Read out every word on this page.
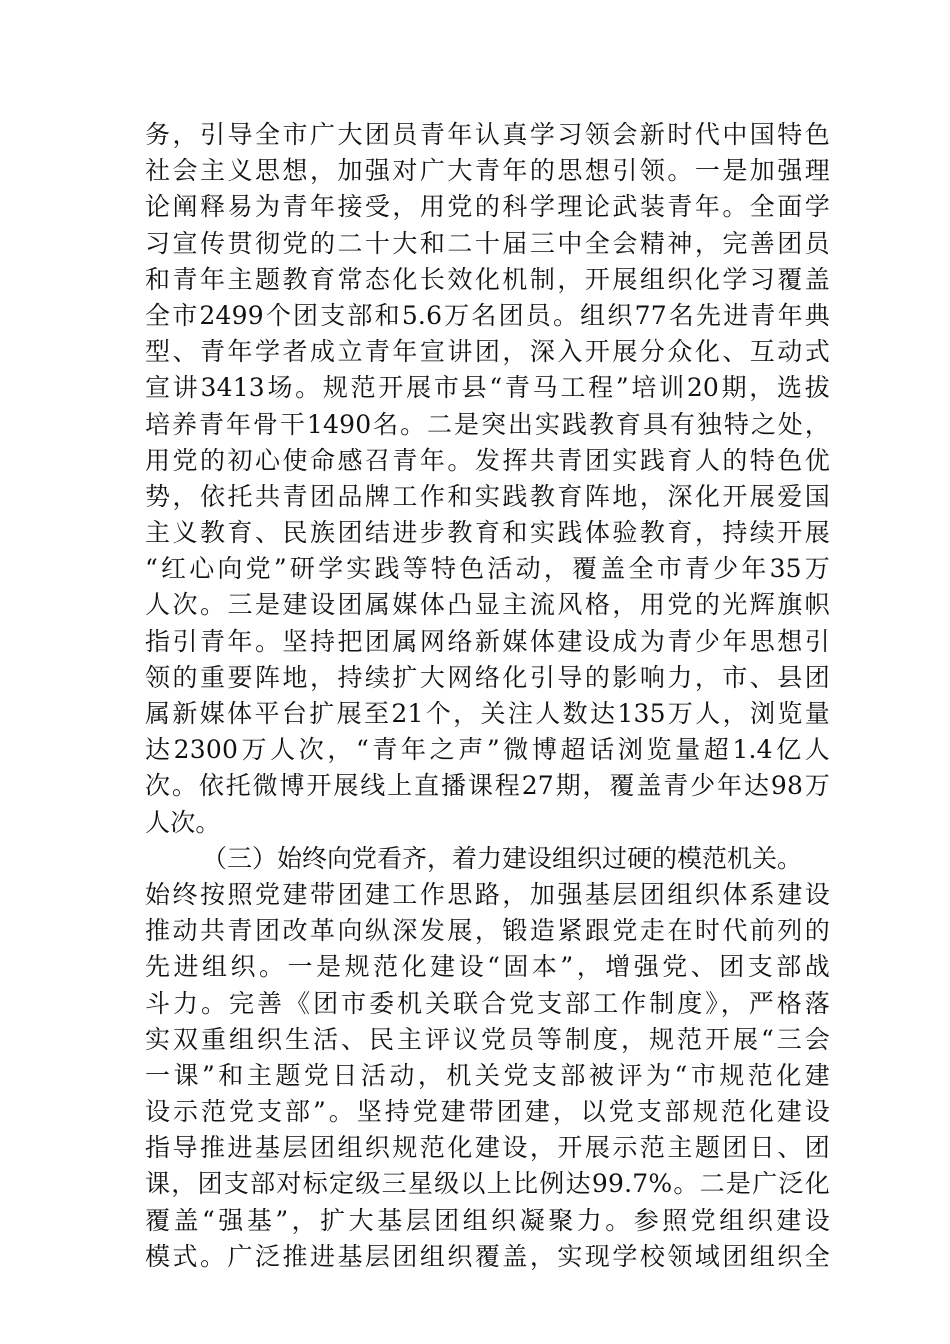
务，引导全市广大团员青年认真学习领会新时代中国特色
社会主义思想，加强对广大青年的思想引领。一是加强理
论阐释易为青年接受，用党的科学理论武装青年。全面学
习宣传贯彻党的二十大和二十届三中全会精神，完善团员
和青年主题教育常态化长效化机制，开展组织化学习覆盖
全市2499个团支部和5.6万名团员。组织77名先进青年典
型、青年学者成立青年宣讲团，深入开展分众化、互动式
宣讲3413场。规范开展市县“青马工程”培训20期，选拔
培养青年骨干1490名。二是突出实践教育具有独特之处，
用党的初心使命感召青年。发挥共青团实践育人的特色优
势，依托共青团品牌工作和实践教育阵地，深化开展爱国
主义教育、民族团结进步教育和实践体验教育，持续开展
“红心向党”研学实践等特色活动，覆盖全市青少年35万
人次。三是建设团属媒体凸显主流风格，用党的光辉旗帜
指引青年。坚持把团属网络新媒体建设成为青少年思想引
领的重要阵地，持续扩大网络化引导的影响力，市、县团
属新媒体平台扩展至21个，关注人数达135万人，浏览量
达2300万人次，“青年之声”微博超话浏览量超1.4亿人
次。依托微博开展线上直播课程27期，覆盖青少年达98万
人次。
（三）始终向党看齐，着力建设组织过硬的模范机关。
始终按照党建带团建工作思路，加强基层团组织体系建设
推动共青团改革向纵深发展，锻造紧跟党走在时代前列的
先进组织。一是规范化建设“固本”，增强党、团支部战
斗力。完善《团市委机关联合党支部工作制度》，严格落
实双重组织生活、民主评议党员等制度，规范开展“三会
一课”和主题党日活动，机关党支部被评为“市规范化建
设示范党支部”。坚持党建带团建，以党支部规范化建设
指导推进基层团组织规范化建设，开展示范主题团日、团
课，团支部对标定级三星级以上比例达99.7%。二是广泛化
覆盖“强基”，扩大基层团组织凝聚力。参照党组织建设
模式。广泛推进基层团组织覆盖，实现学校领域团组织全
